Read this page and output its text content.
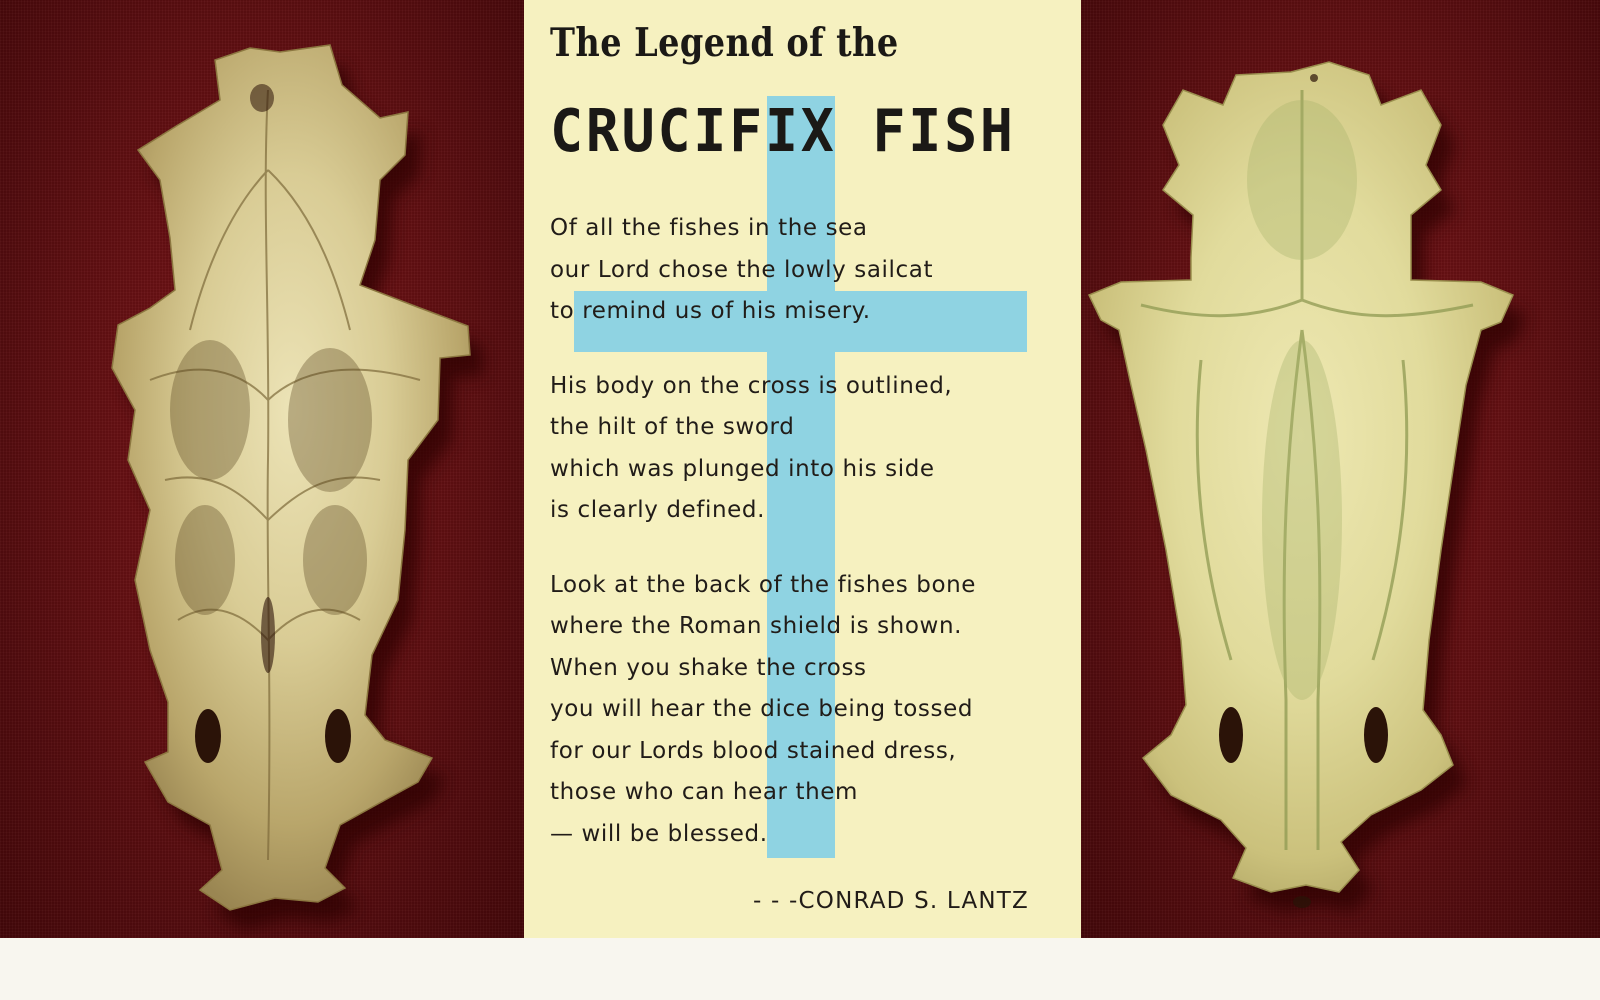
The Legend of the
CRUCIFIX FISH
Of all the fishes in the sea
our Lord chose the lowly sailcat
to remind us of his misery.
His body on the cross is outlined,
the hilt of the sword
which was plunged into his side
is clearly defined.
Look at the back of the fishes bone
where the Roman shield is shown.
When you shake the cross
you will hear the dice being tossed
for our Lords blood stained dress,
those who can hear them
— will be blessed.
- - -CONRAD S. LANTZ
